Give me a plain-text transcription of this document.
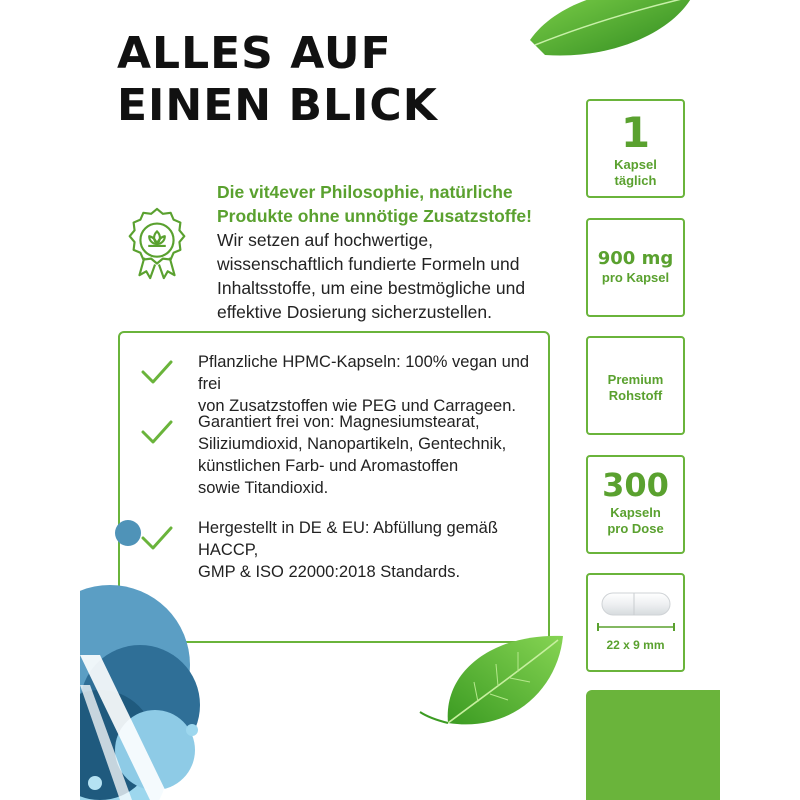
ALLES AUF
EINEN BLICK
Die vit4ever Philosophie, natürliche Produkte ohne unnötige Zusatzstoffe!
Wir setzen auf hochwertige, wissenschaftlich fundierte Formeln und Inhaltsstoffe, um eine bestmögliche und effektive Dosierung sicherzustellen.
Pflanzliche HPMC-Kapseln: 100% vegan und frei
von Zusatzstoffen wie PEG und Carrageen.
Garantiert frei von: Magnesiumstearat,
Siliziumdioxid, Nanopartikeln, Gentechnik,
künstlichen Farb- und Aromastoffen
sowie Titandioxid.
Hergestellt in DE & EU: Abfüllung gemäß HACCP,
GMP & ISO 22000:2018 Standards.
1
Kapsel
täglich
900 mg
pro Kapsel
Premium
Rohstoff
300
Kapseln
pro Dose
22 x 9 mm
